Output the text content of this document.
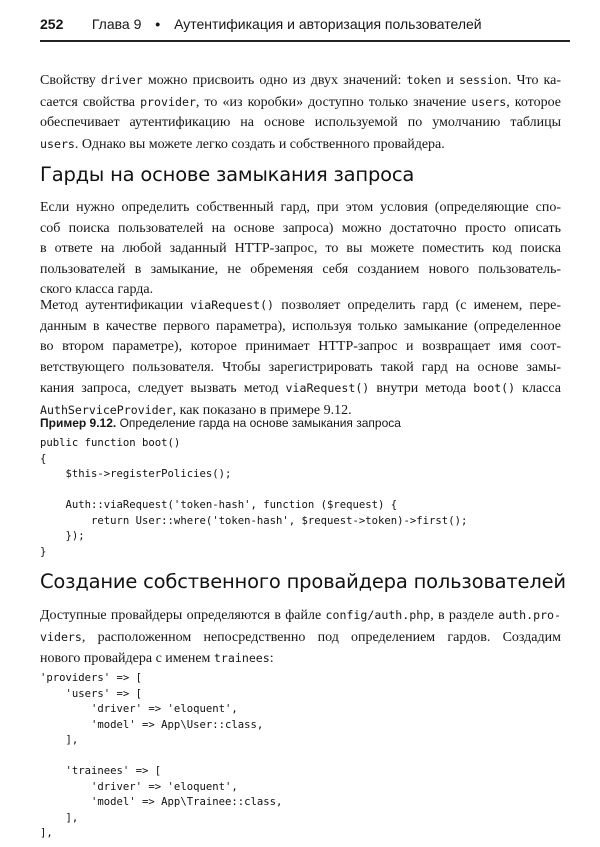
252 Глава 9 • Аутентификация и авторизация пользователей
Свойству driver можно присвоить одно из двух значений: token и session. Что ка-
сается свойства provider, то «из коробки» доступно только значение users, которое
обеспечивает аутентификацию на основе используемой по умолчанию таблицы
users. Однако вы можете легко создать и собственного провайдера.
Гарды на основе замыкания запроса
Если нужно определить собственный гард, при этом условия (определяющие спо-
соб поиска пользователей на основе запроса) можно достаточно просто описать
в ответе на любой заданный HTTP-запрос, то вы можете поместить код поиска
пользователей в замыкание, не обременяя себя созданием нового пользователь-
ского класса гарда.
Метод аутентификации viaRequest() позволяет определить гард (с именем, пере-
данным в качестве первого параметра), используя только замыкание (определенное
во втором параметре), которое принимает HTTP-запрос и возвращает имя соот-
ветствующего пользователя. Чтобы зарегистрировать такой гард на основе замы-
кания запроса, следует вызвать метод viaRequest() внутри метода boot() класса
AuthServiceProvider, как показано в примере 9.12.
Пример 9.12. Определение гарда на основе замыкания запроса
public function boot()
{
$this->registerPolicies();

Auth::viaRequest('token-hash', function ($request) {
return User::where('token-hash', $request->token)->first();
});
}
Создание собственного провайдера пользователей
Доступные провайдеры определяются в файле config/auth.php, в разделе auth.pro-
viders, расположенном непосредственно под определением гардов. Создадим
нового провайдера с именем trainees:
'providers' => [
'users' => [
'driver' => 'eloquent',
'model' => App\User::class,
],

'trainees' => [
'driver' => 'eloquent',
'model' => App\Trainee::class,
],
],
